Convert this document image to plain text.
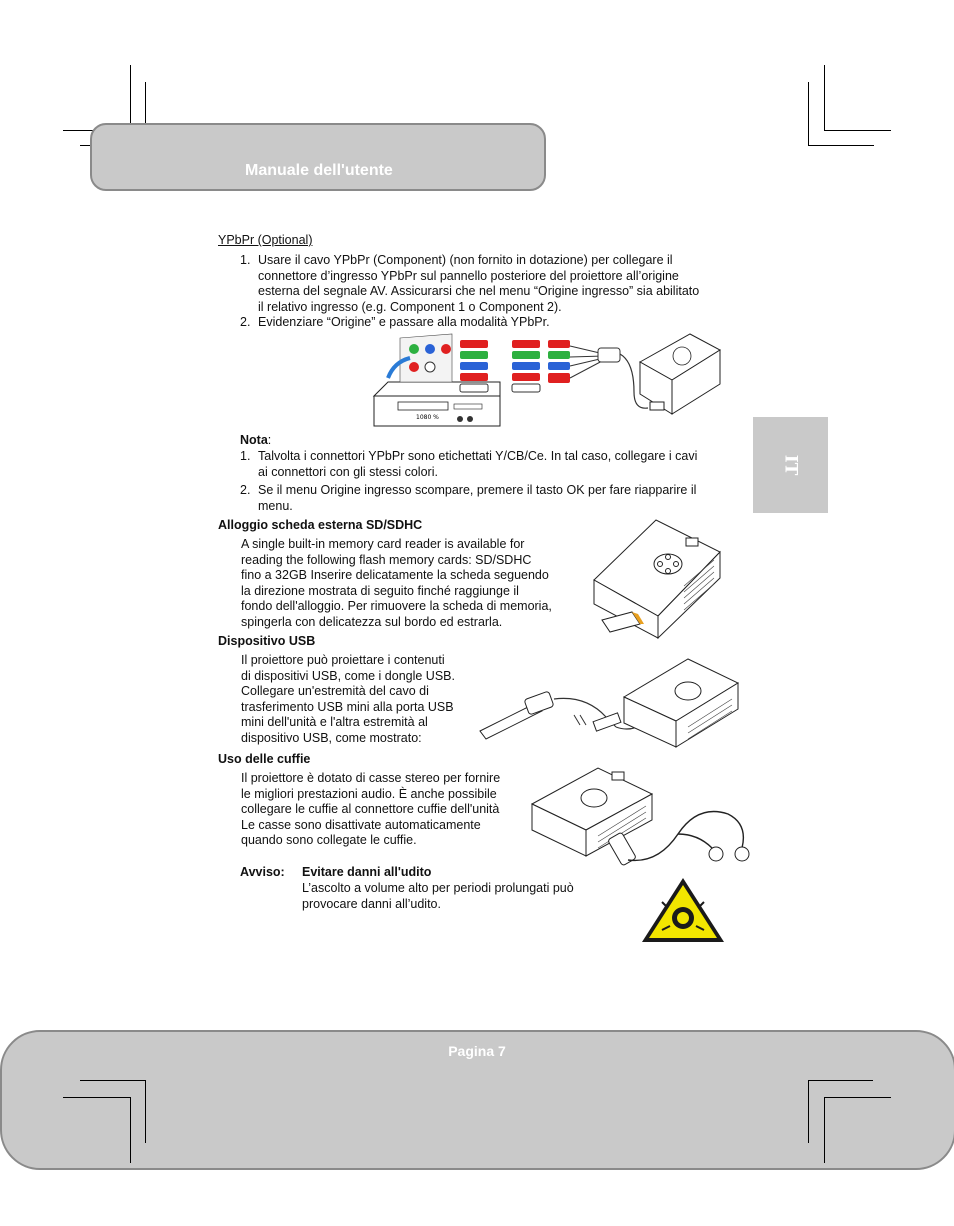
Manuale dell'utente
IT
YPbPr (Optional)
1. Usare il cavo YPbPr (Component) (non fornito in dotazione) per collegare il
connettore d’ingresso YPbPr sul pannello posteriore del proiettore all’origine
esterna del segnale AV. Assicurarsi che nel menu “Origine ingresso” sia abilitato
il relativo ingresso (e.g. Component 1 o Component 2).
2. Evidenziare “Origine” e passare alla modalità YPbPr.
1080 %
Nota:
1. Talvolta i connettori YPbPr sono etichettati Y/CB/Ce. In tal caso, collegare i cavi
ai connettori con gli stessi colori.
2. Se il menu Origine ingresso scompare, premere il tasto OK per fare riapparire il
menu.
Alloggio scheda esterna SD/SDHC
A single built-in memory card reader is available for
reading the following flash memory cards: SD/SDHC
fino a 32GB Inserire delicatamente la scheda seguendo
la direzione mostrata di seguito finché raggiunge il
fondo dell'alloggio. Per rimuovere la scheda di memoria,
spingerla con delicatezza sul bordo ed estrarla.
Dispositivo USB
Il proiettore può proiettare i contenuti
di dispositivi USB, come i dongle USB.
Collegare un'estremità del cavo di
trasferimento USB mini alla porta USB
mini dell'unità e l'altra estremità al
dispositivo USB, come mostrato:
Uso delle cuffie
Il proiettore è dotato di casse stereo per fornire
le migliori prestazioni audio. È anche possibile
collegare le cuffie al connettore cuffie dell'unità
Le casse sono disattivate automaticamente
quando sono collegate le cuffie.
Avviso: Evitare danni all'udito
L’ascolto a volume alto per periodi prolungati può
provocare danni all’udito.
Pagina 7
